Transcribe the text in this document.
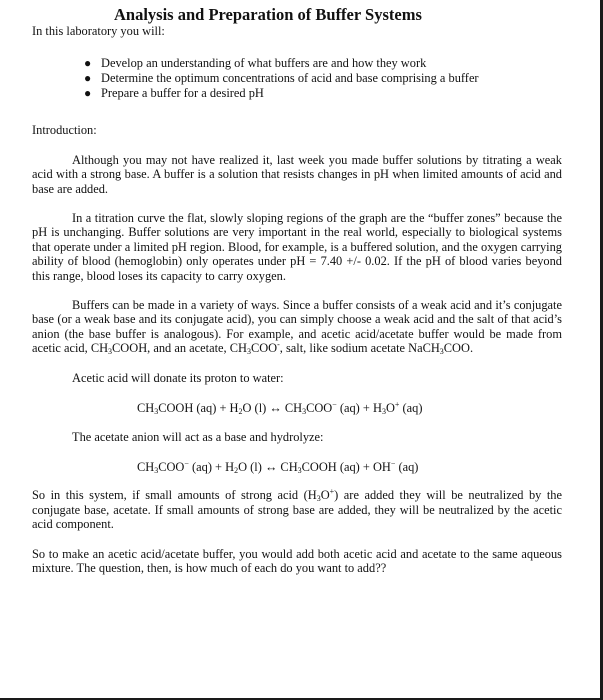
Analysis and Preparation of Buffer Systems

In this laboratory you will:

● Develop an understanding of what buffers are and how they work
● Determine the optimum concentrations of acid and base comprising a buffer
● Prepare a buffer for a desired pH

Introduction:

Although you may not have realized it, last week you made buffer solutions by titrating a weak acid with a strong base. A buffer is a solution that resists changes in pH when limited amounts of acid and base are added.

In a titration curve the flat, slowly sloping regions of the graph are the “buffer zones” because the pH is unchanging. Buffer solutions are very important in the real world, especially to biological systems that operate under a limited pH region. Blood, for example, is a buffered solution, and the oxygen carrying ability of blood (hemoglobin) only operates under pH = 7.40 +/- 0.02. If the pH of blood varies beyond this range, blood loses its capacity to carry oxygen.

Buffers can be made in a variety of ways. Since a buffer consists of a weak acid and it’s conjugate base (or a weak base and its conjugate acid), you can simply choose a weak acid and the salt of that acid’s anion (the base buffer is analogous). For example, and acetic acid/acetate buffer would be made from acetic acid, $CH_3COOH$, and an acetate, $CH_3COO^-$, salt, like sodium acetate NaCH$_3$COO.

Acetic acid will donate its proton to water:

$CH_3COOH$ $(aq) + H_2O$ (l) ↔ $CH_3COO^-$ $(aq) + H_3O^+$ (aq)

The acetate anion will act as a base and hydrolyze:

$CH_3COO^-$ $(aq) + H_2O$ (l) ↔ $CH_3COOH$ (aq) + OH− (aq)

So in this system, if small amounts of strong acid $(H_3O^+)$ are added they will be neutralized by the conjugate base, acetate. If small amounts of strong base are added, they will be neutralized by the acetic acid component.

So to make an acetic acid/acetate buffer, you would add both acetic acid and acetate to the same aqueous mixture. The question, then, is how much of each do you want to add??
